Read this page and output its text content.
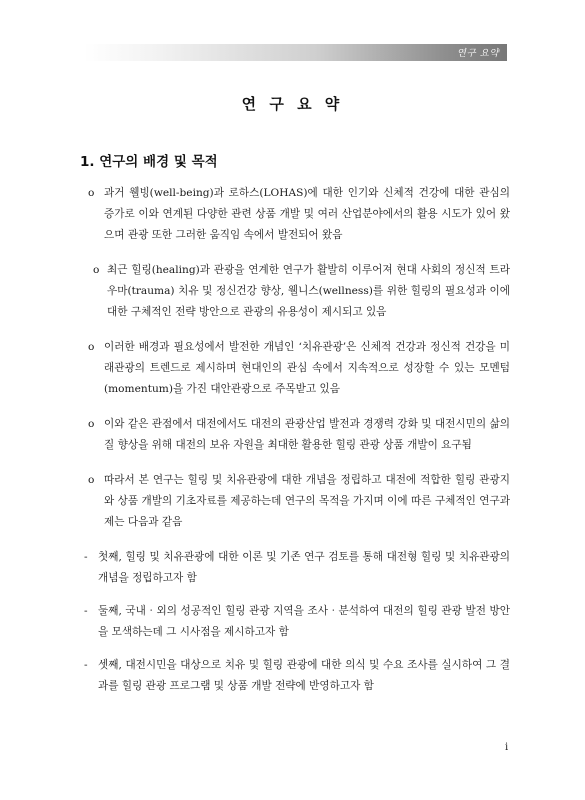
연구 요약
연 구 요 약
1. 연구의 배경 및 목적
o 과거 웰빙(well-being)과 로하스(LOHAS)에 대한 인기와 신체적 건강에 대한 관심의 증가로 이와 연계된 다양한 관련 상품 개발 및 여러 산업분야에서의 활용 시도가 있어 왔으며 관광 또한 그러한 움직임 속에서 발전되어 왔음
o 최근 힐링(healing)과 관광을 연계한 연구가 활발히 이루어져 현대 사회의 정신적 트라우마(trauma) 치유 및 정신건강 향상, 웰니스(wellness)를 위한 힐링의 필요성과 이에 대한 구체적인 전략 방안으로 관광의 유용성이 제시되고 있음
o 이러한 배경과 필요성에서 발전한 개념인 ‘치유관광’은 신체적 건강과 정신적 건강을 미래관광의 트렌드로 제시하며 현대인의 관심 속에서 지속적으로 성장할 수 있는 모멘텀(momentum)을 가진 대안관광으로 주목받고 있음
o 이와 같은 관점에서 대전에서도 대전의 관광산업 발전과 경쟁력 강화 및 대전시민의 삶의 질 향상을 위해 대전의 보유 자원을 최대한 활용한 힐링 관광 상품 개발이 요구됨
o 따라서 본 연구는 힐링 및 치유관광에 대한 개념을 정립하고 대전에 적합한 힐링 관광지와 상품 개발의 기초자료를 제공하는데 연구의 목적을 가지며 이에 따른 구체적인 연구과제는 다음과 같음
- 첫째, 힐링 및 치유관광에 대한 이론 및 기존 연구 검토를 통해 대전형 힐링 및 치유관광의 개념을 정립하고자 함
- 둘째, 국내‧외의 성공적인 힐링 관광 지역을 조사‧분석하여 대전의 힐링 관광 발전 방안을 모색하는데 그 시사점을 제시하고자 함
- 셋째, 대전시민을 대상으로 치유 및 힐링 관광에 대한 의식 및 수요 조사를 실시하여 그 결과를 힐링 관광 프로그램 및 상품 개발 전략에 반영하고자 함
i
